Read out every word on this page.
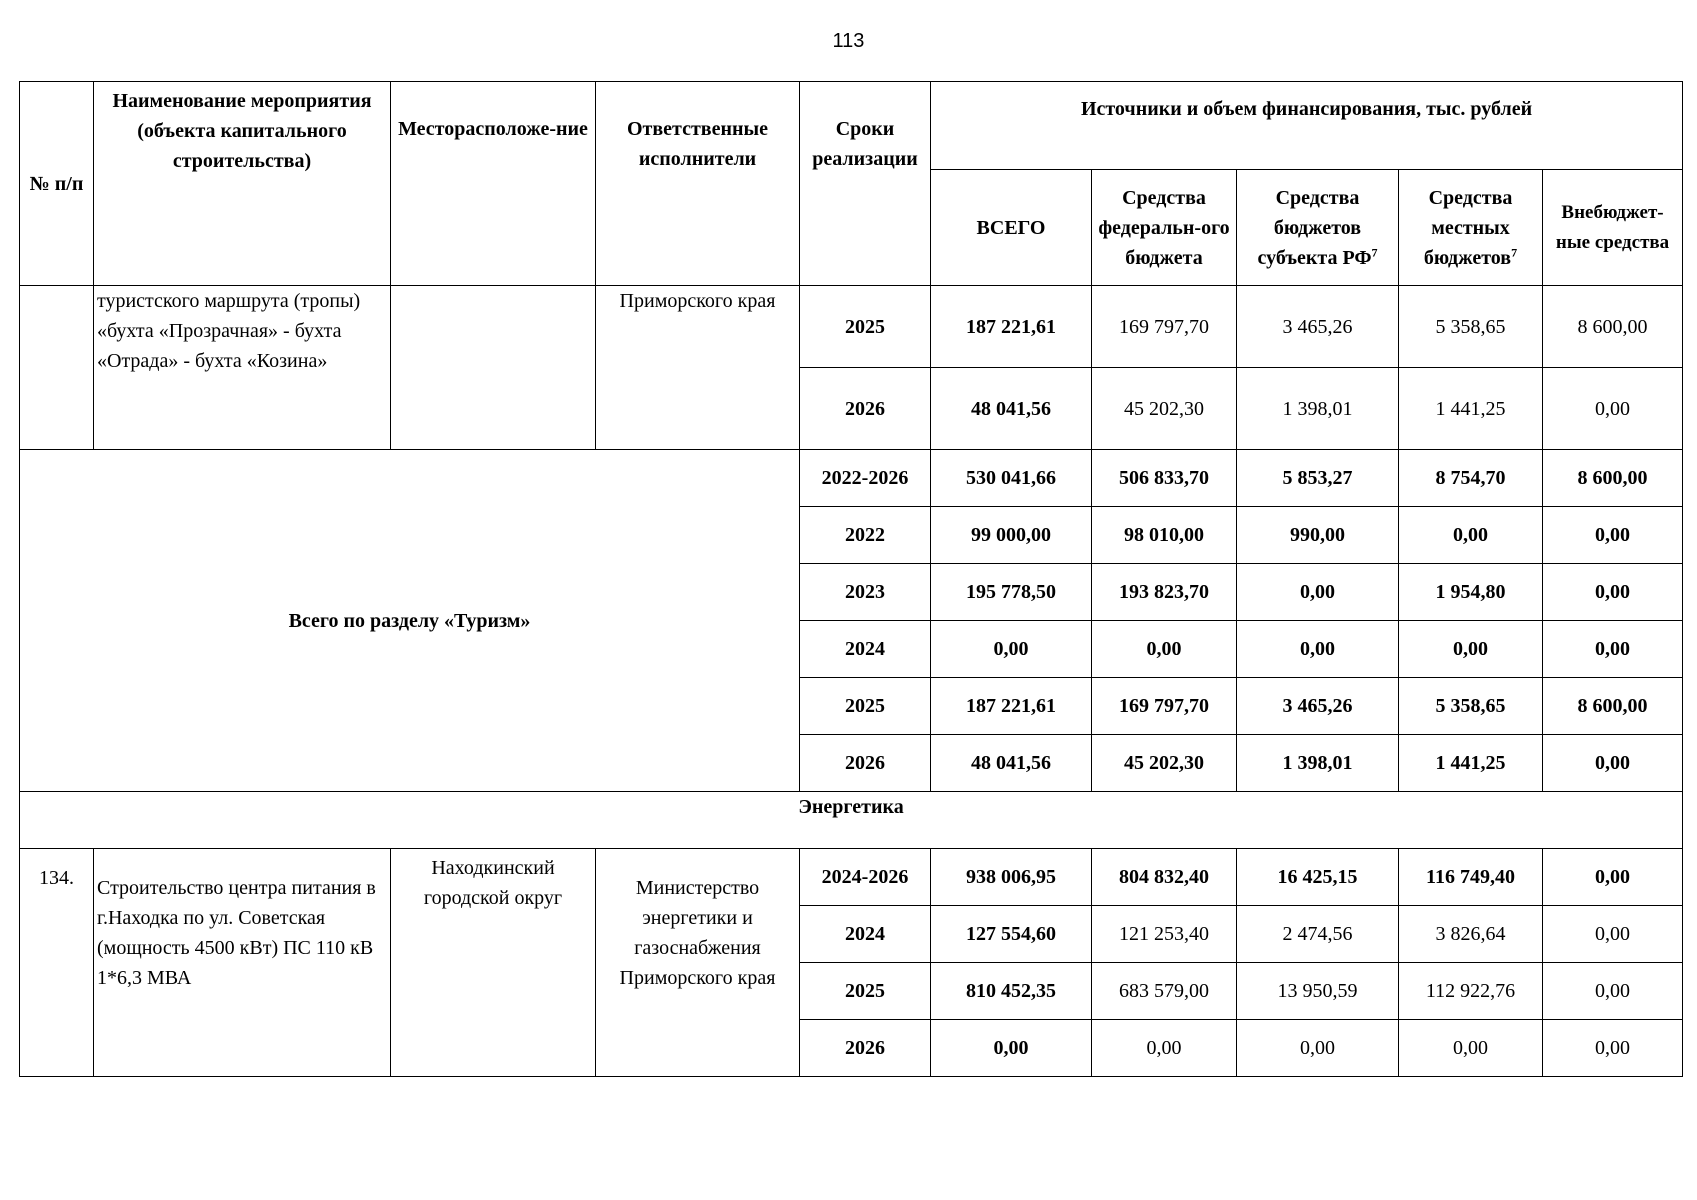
113
№ п/п	Наименование мероприятия (объекта капитального строительства)	Месторасположе-ние	Ответственные исполнители	Сроки реализации	Источники и объем финансирования, тыс. рублей				
					ВСЕГО	Средства федеральн-ого бюджета	Средства бюджетов субъекта $РФ^7$	Средства местных бюджетов$^7$	Внебюджет-ные средства
	туристского маршрута (тропы) «бухта «Прозрачная» - бухта «Отрада» - бухта «Козина»		Приморского края	2025	187 221,61	169 797,70	3 465,26	5 358,65	8 600,00
				2026	48 041,56	45 202,30	1 398,01	1 441,25	0,00
Всего по разделу «Туризм»				2022-2026	530 041,66	506 833,70	5 853,27	8 754,70	8 600,00
				2022	99 000,00	98 010,00	990,00	0,00	0,00
				2023	195 778,50	193 823,70	0,00	1 954,80	0,00
				2024	0,00	0,00	0,00	0,00	0,00
				2025	187 221,61	169 797,70	3 465,26	5 358,65	8 600,00
				2026	48 041,56	45 202,30	1 398,01	1 441,25	0,00
Энергетика									
134.	Строительство центра питания в г.Находка по ул. Советская (мощность 4500 кВт) ПС 110 кВ 1*6,3 МВА	Находкинский городской округ	Министерство энергетики и газоснабжения Приморского края	2024-2026	938 006,95	804 832,40	16 425,15	116 749,40	0,00
				2024	127 554,60	121 253,40	2 474,56	3 826,64	0,00
				2025	810 452,35	683 579,00	13 950,59	112 922,76	0,00
				2026	0,00	0,00	0,00	0,00	0,00
